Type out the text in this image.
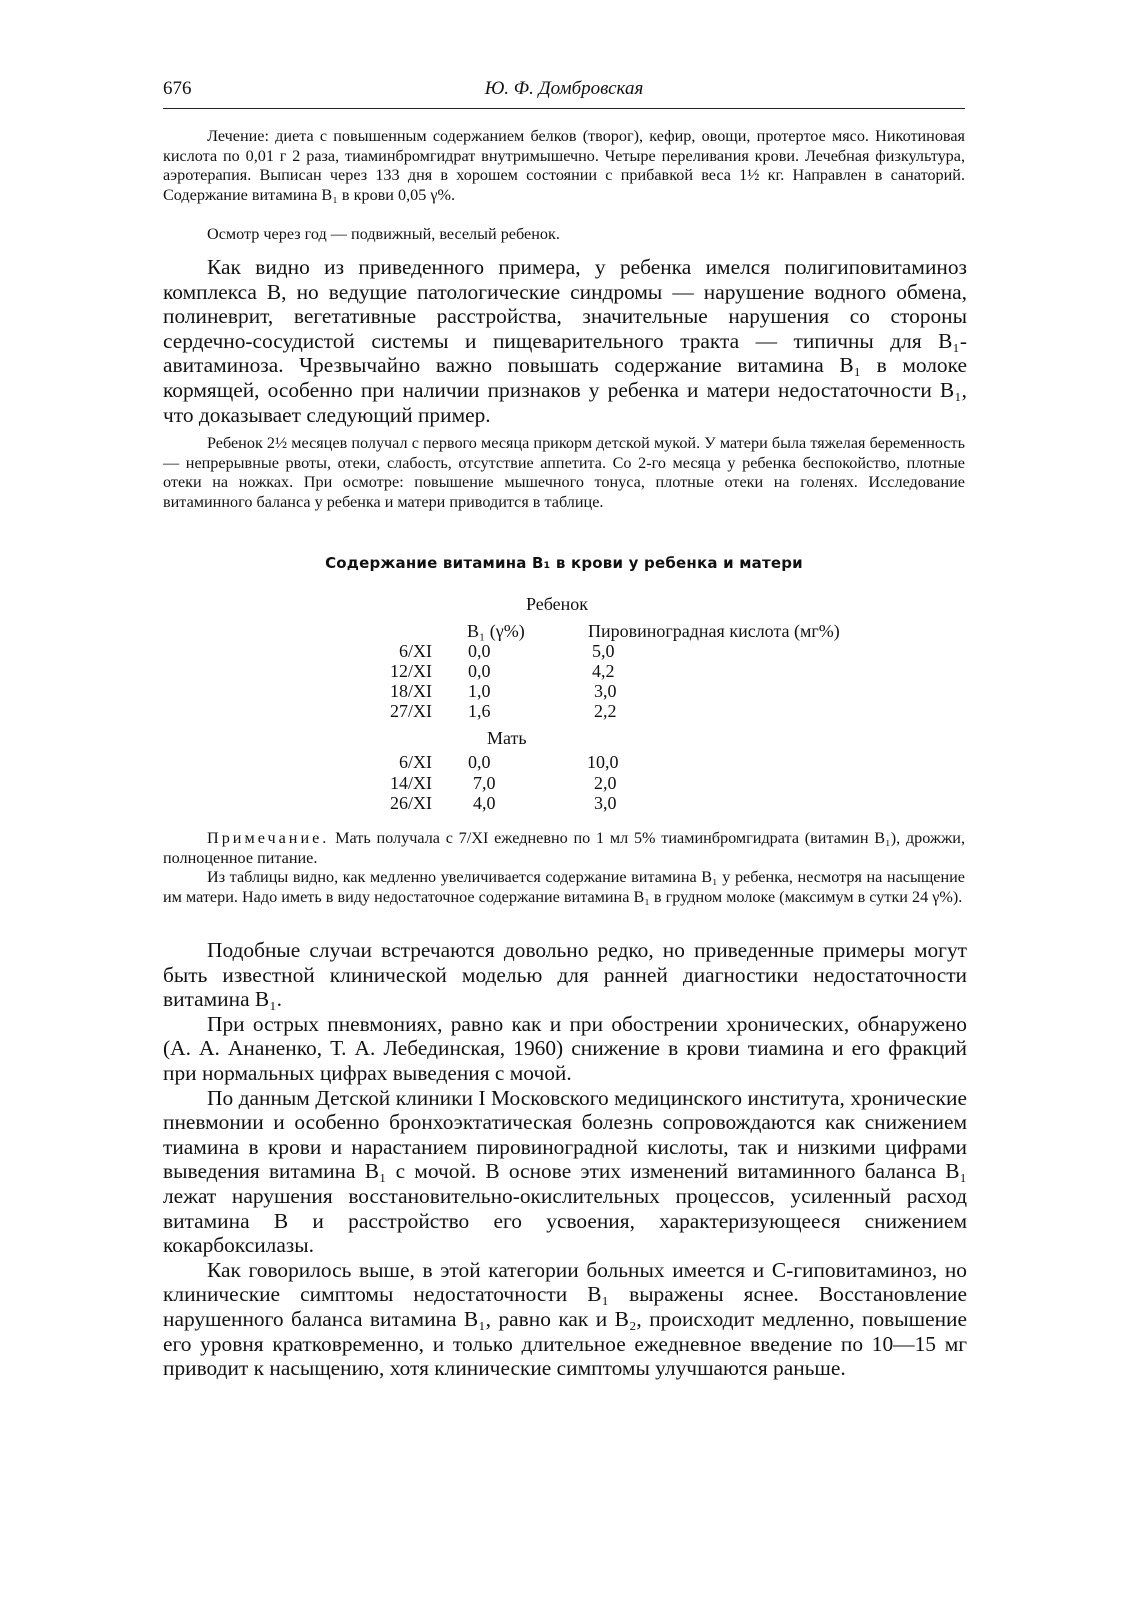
676	Ю. Ф. Домбровская
Лечение: диета с повышенным содержанием белков (творог), кефир, овощи, протертое мясо. Никотиновая кислота по 0,01 г 2 раза, тиаминбромгидрат внутримышечно. Четыре переливания крови. Лечебная физкультура, аэротерапия. Выписан через 133 дня в хорошем состоянии с прибавкой веса 1½ кг. Направлен в санаторий. Содержание витамина B₁ в крови 0,05 γ%.
Осмотр через год — подвижный, веселый ребенок.
Как видно из приведенного примера, у ребенка имелся полигиповитаминоз комплекса В, но ведущие патологические синдромы — нарушение водного обмена, полиневрит, вегетативные расстройства, значительные нарушения со стороны сердечно-сосудистой системы и пищеварительного тракта — типичны для B₁-авитаминоза. Чрезвычайно важно повышать содержание витамина B₁ в молоке кормящей, особенно при наличии признаков у ребенка и матери недостаточности B₁, что доказывает следующий пример.
Ребенок 2½ месяцев получал с первого месяца прикорм детской мукой. У матери была тяжелая беременность — непрерывные рвоты, отеки, слабость, отсутствие аппетита. Со 2-го месяца у ребенка беспокойство, плотные отеки на ножках. При осмотре: повышение мышечного тонуса, плотные отеки на голенях. Исследование витаминного баланса у ребенка и матери приводится в таблице.
Содержание витамина B₁ в крови у ребенка и матери
Ребенок
B₁ (γ%)	Пировиноградная кислота (мг%)
6/XI 0,0	5,0
12/XI 0,0	4,2
18/XI 1,0	3,0
27/XI 1,6	2,2
Мать
6/XI 0,0	10,0
14/XI 7,0	2,0
26/XI 4,0	3,0
Примечание. Мать получала с 7/XI ежедневно по 1 мл 5% тиаминбромгидрата (витамин B₁), дрожжи, полноценное питание.
Из таблицы видно, как медленно увеличивается содержание витамина B₁ у ребенка, несмотря на насыщение им матери. Надо иметь в виду недостаточное содержание витамина B₁ в грудном молоке (максимум в сутки 24 γ%).

Подобные случаи встречаются довольно редко, но приведенные примеры могут быть известной клинической моделью для ранней диагностики недостаточности витамина B₁.

При острых пневмониях, равно как и при обострении хронических, обнаружено (А. А. Ананенко, Т. А. Лебединская, 1960) снижение в крови тиамина и его фракций при нормальных цифрах выведения с мочой.

По данным Детской клиники I Московского медицинского института, хронические пневмонии и особенно бронхоэктатическая болезнь сопровождаются как снижением тиамина в крови и нарастанием пировиноградной кислоты, так и низкими цифрами выведения витамина B₁ с мочой. В основе этих изменений витаминного баланса B₁ лежат нарушения восстановительно-окислительных процессов, усиленный расход витамина В и расстройство его усвоения, характеризующееся снижением кокарбоксилазы.

Как говорилось выше, в этой категории больных имеется и С-гиповитаминоз, но клинические симптомы недостаточности B₁ выражены яснее. Восстановление нарушенного баланса витамина B₁, равно как и B₂, происходит медленно, повышение его уровня кратковременно, и только длительное ежедневное введение по 10—15 мг приводит к насыщению, хотя клинические симптомы улучшаются раньше.
